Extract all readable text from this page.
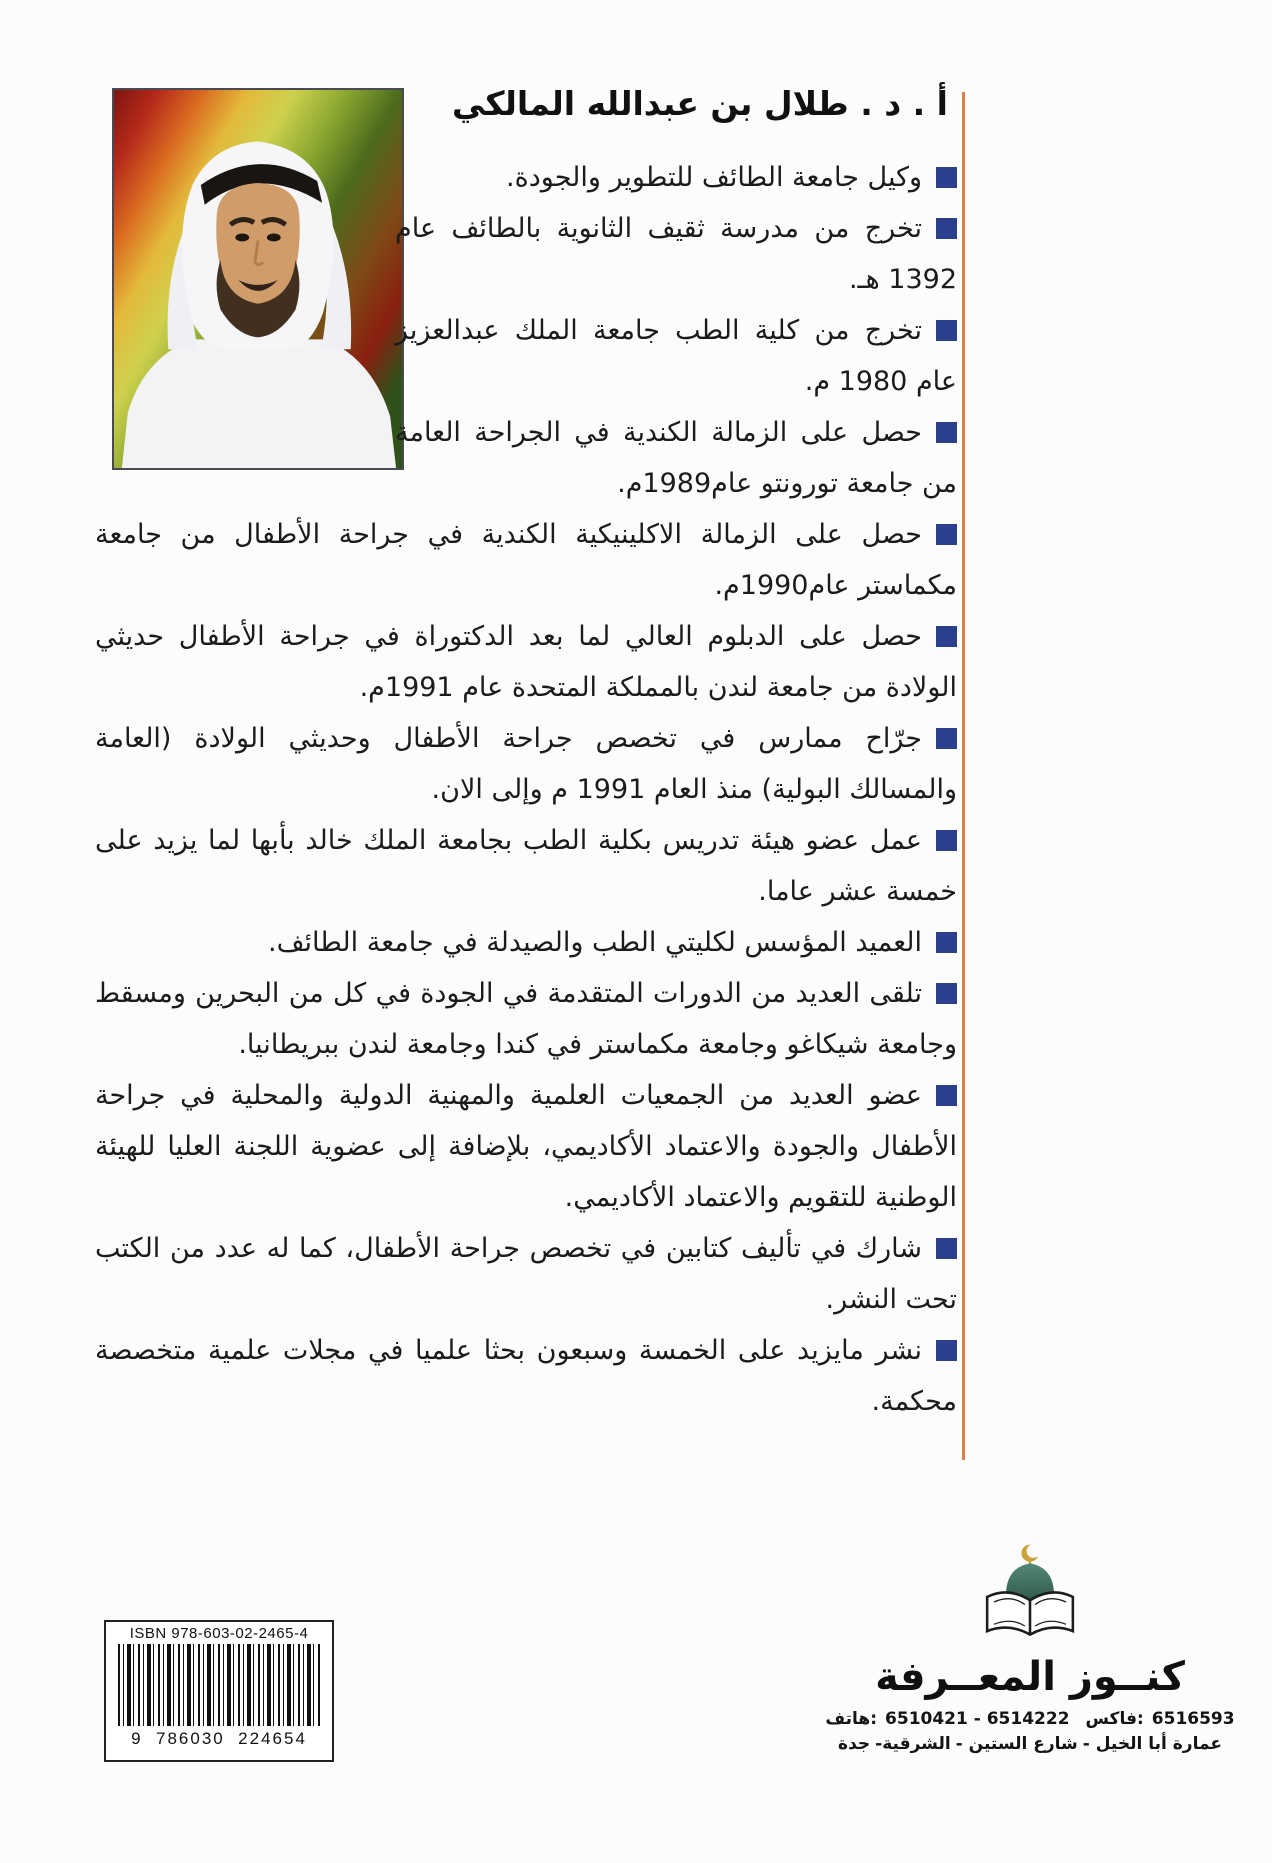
أ . د . طلال بن عبدالله المالكي
وكيل جامعة الطائف للتطوير والجودة.
تخرج من مدرسة ثقيف الثانوية بالطائف عام 1392 هـ.
تخرج من كلية الطب جامعة الملك عبدالعزيز عام 1980 م.
حصل على الزمالة الكندية في الجراحة العامة من جامعة تورونتو عام1989م.
حصل على الزمالة الاكلينيكية الكندية في جراحة الأطفال من جامعة مكماستر عام1990م.
حصل على الدبلوم العالي لما بعد الدكتوراة في جراحة الأطفال حديثي الولادة من جامعة لندن بالمملكة المتحدة عام 1991م.
جرّاح ممارس في تخصص جراحة الأطفال وحديثي الولادة (العامة والمسالك البولية) منذ العام 1991 م وإلى الان.
عمل عضو هيئة تدريس بكلية الطب بجامعة الملك خالد بأبها لما يزيد على خمسة عشر عاما.
العميد المؤسس لكليتي الطب والصيدلة في جامعة الطائف.
تلقى العديد من الدورات المتقدمة في الجودة في كل من البحرين ومسقط وجامعة شيكاغو وجامعة مكماستر في كندا وجامعة لندن ببريطانيا.
عضو العديد من الجمعيات العلمية والمهنية الدولية والمحلية في جراحة الأطفال والجودة والاعتماد الأكاديمي، بلإضافة إلى عضوية اللجنة العليا للهيئة الوطنية للتقويم والاعتماد الأكاديمي.
شارك في تأليف كتابين في تخصص جراحة الأطفال، كما له عدد من الكتب تحت النشر.
نشر مايزيد على الخمسة وسبعون بحثا علميا في مجلات علمية متخصصة محكمة.
ISBN 978-603-02-2465-4
9  786030  224654
كنــوز المعــرفة
هاتف: 6510421 - 6514222 فاكس: 6516593
جدة -الشرقية - شارع الستين - عمارة أبا الخيل
